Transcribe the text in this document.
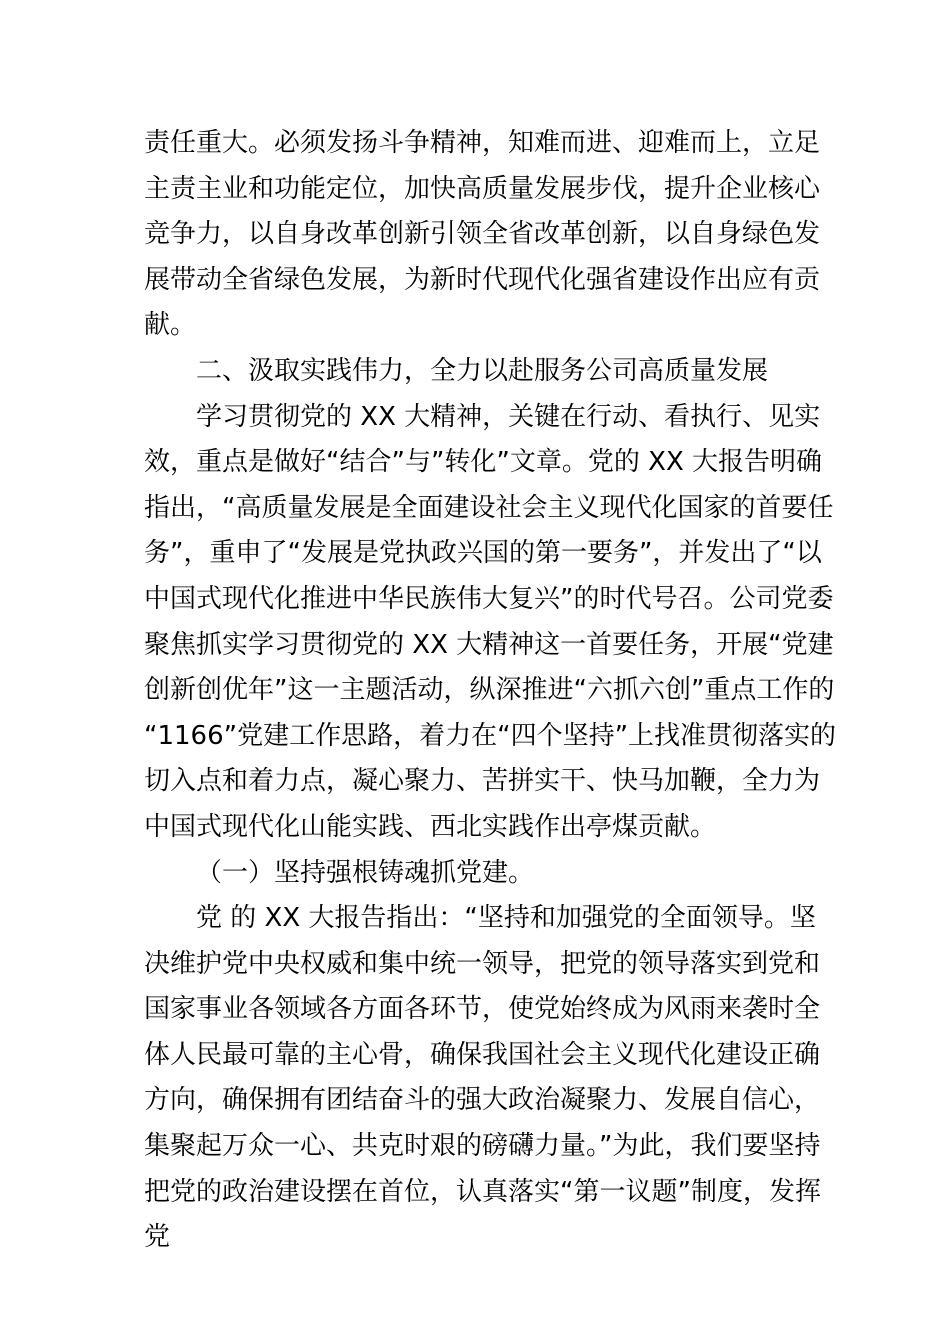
责任重大。必须发扬斗争精神，知难而进、迎难而上，立足
主责主业和功能定位，加快高质量发展步伐，提升企业核心
竞争力，以自身改革创新引领全省改革创新，以自身绿色发
展带动全省绿色发展，为新时代现代化强省建设作出应有贡
献。
二、汲取实践伟力，全力以赴服务公司高质量发展
学习贯彻党的 XX 大精神，关键在行动、看执行、见实
效，重点是做好“结合”与”转化”文章。党的 XX 大报告明确
指出，“高质量发展是全面建设社会主义现代化国家的首要任
务”，重申了“发展是党执政兴国的第一要务”，并发出了“以
中国式现代化推进中华民族伟大复兴”的时代号召。公司党委
聚焦抓实学习贯彻党的 XX 大精神这一首要任务，开展“党建
创新创优年”这一主题活动，纵深推进“六抓六创”重点工作的
“1166”党建工作思路，着力在“四个坚持”上找准贯彻落实的
切入点和着力点，凝心聚力、苦拼实干、快马加鞭，全力为
中国式现代化山能实践、西北实践作出亭煤贡献。
（一）坚持强根铸魂抓党建。
党 的 XX 大报告指出：“坚持和加强党的全面领导。坚
决维护党中央权威和集中统一领导，把党的领导落实到党和
国家事业各领域各方面各环节，使党始终成为风雨来袭时全
体人民最可靠的主心骨，确保我国社会主义现代化建设正确
方向，确保拥有团结奋斗的强大政治凝聚力、发展自信心，
集聚起万众一心、共克时艰的磅礴力量。”为此，我们要坚持
把党的政治建设摆在首位，认真落实“第一议题”制度，发挥
党
